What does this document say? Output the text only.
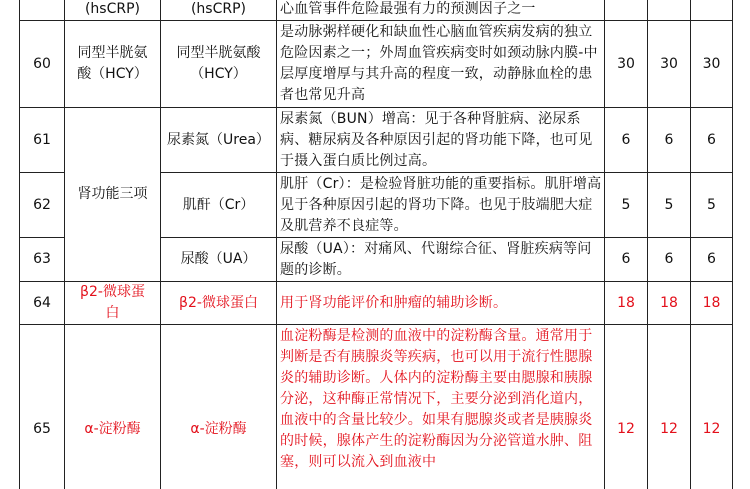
	(hsCRP)	(hsCRP)	心血管事件危险最强有力的预测因子之一			
60	同型半胱氨酸（HCY）	同型半胱氨酸（HCY）	是动脉粥样硬化和缺血性心脑血管疾病发病的独立危险因素之一；外周血管疾病变时如颈动脉内膜-中层厚度增厚与其升高的程度一致，动静脉血栓的患者也常见升高	30	30	30
61	肾功能三项	尿素氮（Urea）	尿素氮（BUN）增高：见于各种肾脏病、泌尿系病、糖尿病及各种原因引起的肾功能下降，也可见于摄入蛋白质比例过高。	6	6	6
62		肌酐（Cr）	肌肝（Cr）：是检验肾脏功能的重要指标。肌肝增高见于各种原因引起的肾功下降。也见于肢端肥大症及肌营养不良症等。	5	5	5
63		尿酸（UA）	尿酸（UA）：对痛风、代谢综合征、肾脏疾病等问题的诊断。	6	6	6
64	β2-微球蛋白	β2-微球蛋白	用于肾功能评价和肿瘤的辅助诊断。	18	18	18
65	α-淀粉酶	α-淀粉酶	血淀粉酶是检测的血液中的淀粉酶含量。通常用于判断是否有胰腺炎等疾病，也可以用于流行性腮腺炎的辅助诊断。人体内的淀粉酶主要由腮腺和胰腺分泌，这种酶正常情况下，主要分泌到消化道内，血液中的含量比较少。如果有腮腺炎或者是胰腺炎的时候，腺体产生的淀粉酶因为分泌管道水肿、阻塞，则可以流入到血液中	12	12	12
